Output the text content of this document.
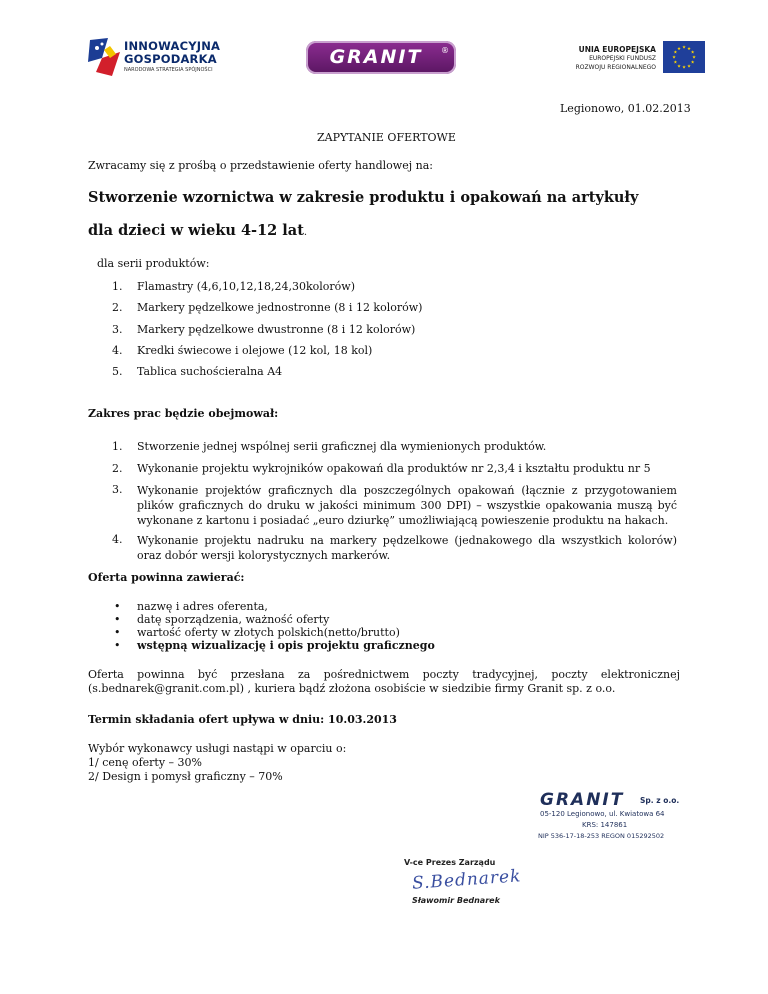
INNOWACYJNA
GOSPODARKA
NARODOWA STRATEGIA SPÓJNOŚCI
GRANIT	®	UNIA EUROPEJSKA
EUROPEJSKI FUNDUSZ
ROZWOJU REGIONALNEGO
★
★
★
★
★
★
★
★
★ ★ ★
★
Legionowo, 01.02.2013
ZAPYTANIE OFERTOWE
Zwracamy się z prośbą o przedstawienie oferty handlowej na:
Stworzenie wzornictwa w zakresie produktu i opakowań na artykuły
dla dzieci w wieku 4-12 lat.
dla serii produktów:
1.	Flamastry (4,6,10,12,18,24,30kolorów)
2.	Markery pędzelkowe jednostronne (8 i 12 kolorów)
3.	Markery pędzelkowe dwustronne (8 i 12 kolorów)
4.	Kredki świecowe i olejowe (12 kol, 18 kol)
5.	Tablica suchościeralna A4
Zakres prac będzie obejmował:
1.	Stworzenie jednej wspólnej serii graficznej dla wymienionych produktów.
2.	Wykonanie projektu wykrojników opakowań dla produktów nr 2,3,4 i kształtu produktu nr 5
3.	Wykonanie projektów graficznych dla poszczególnych opakowań (łącznie z przygotowaniem plików graficznych do druku w jakości minimum 300 DPI) – wszystkie opakowania muszą być wykonane z kartonu i posiadać „euro dziurkę” umożliwiającą powieszenie produktu na hakach.
4.	Wykonanie projektu nadruku na markery pędzelkowe (jednakowego dla wszystkich kolorów) oraz dobór wersji kolorystycznych markerów.
Oferta powinna zawierać:
• nazwę i adres oferenta,
• datę sporządzenia, ważność oferty
• wartość oferty w złotych polskich(netto/brutto)
• wstępną wizualizację i opis projektu graficznego
Oferta powinna być przesłana za pośrednictwem poczty tradycyjnej, poczty elektronicznej
(s.bednarek@granit.com.pl) , kuriera bądź złożona osobiście w siedzibie firmy Granit sp. z o.o.
Termin składania ofert upływa w dniu: 10.03.2013
Wybór wykonawcy usługi nastąpi w oparciu o:
1/ cenę oferty – 30%
2/ Design i pomysł graficzny – 70%
GRANIT Sp. z o.o.
05-120 Legionowo, ul. Kwiatowa 64
KRS: 147861
NIP 536-17-18-253 REGON 015292502
V-ce Prezes Zarządu
S.Bednarek
Sławomir Bednarek
